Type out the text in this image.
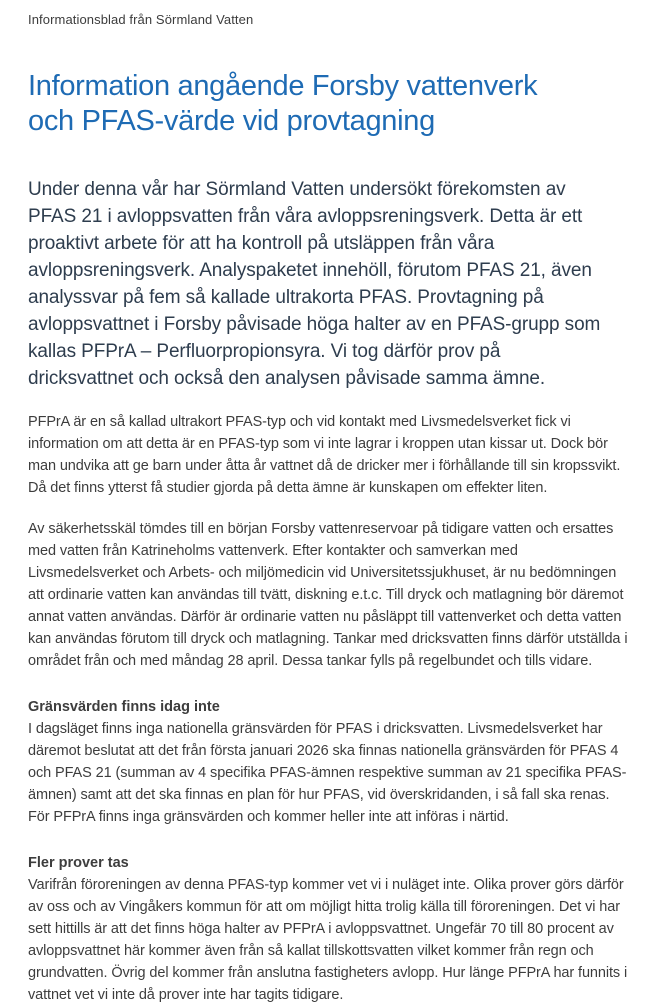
Informationsblad från Sörmland Vatten
Information angående Forsby vattenverk
och PFAS-värde vid provtagning

Under denna vår har Sörmland Vatten undersökt förekomsten av PFAS 21 i avloppsvatten från våra avloppsreningsverk. Detta är ett proaktivt arbete för att ha kontroll på utsläppen från våra avloppsreningsverk. Analyspaketet innehöll, förutom PFAS 21, även analyssvar på fem så kallade ultrakorta PFAS. Provtagning på avloppsvattnet i Forsby påvisade höga halter av en PFAS-grupp som kallas PFPrA – Perfluorpropionsyra. Vi tog därför prov på dricksvattnet och också den analysen påvisade samma ämne.

PFPrA är en så kallad ultrakort PFAS-typ och vid kontakt med Livsmedelsverket fick vi information om att detta är en PFAS-typ som vi inte lagrar i kroppen utan kissar ut. Dock bör man undvika att ge barn under åtta år vattnet då de dricker mer i förhållande till sin kropssvikt. Då det finns ytterst få studier gjorda på detta ämne är kunskapen om effekter liten.

Av säkerhetsskäl tömdes till en början Forsby vattenreservoar på tidigare vatten och ersattes med vatten från Katrineholms vattenverk. Efter kontakter och samverkan med Livsmedelsverket och Arbets- och miljömedicin vid Universitetssjukhuset, är nu bedömningen att ordinarie vatten kan användas till tvätt, diskning e.t.c. Till dryck och matlagning bör däremot annat vatten användas. Därför är ordinarie vatten nu påsläppt till vattenverket och detta vatten kan användas förutom till dryck och matlagning. Tankar med dricksvatten finns därför utställda i området från och med måndag 28 april. Dessa tankar fylls på regelbundet och tills vidare.

Gränsvärden finns idag inte

I dagsläget finns inga nationella gränsvärden för PFAS i dricksvatten. Livsmedelsverket har däremot beslutat att det från första januari 2026 ska finnas nationella gränsvärden för PFAS 4 och PFAS 21 (summan av 4 specifika PFAS-ämnen respektive summan av 21 specifika PFAS-ämnen) samt att det ska finnas en plan för hur PFAS, vid överskridanden, i så fall ska renas. För PFPrA finns inga gränsvärden och kommer heller inte att införas i närtid.

Fler prover tas

Varifrån föroreningen av denna PFAS-typ kommer vet vi i nuläget inte. Olika prover görs därför av oss och av Vingåkers kommun för att om möjligt hitta trolig källa till föroreningen. Det vi har sett hittills är att det finns höga halter av PFPrA i avloppsvattnet. Ungefär 70 till 80 procent av avloppsvattnet här kommer även från så kallat tillskottsvatten vilket kommer från regn och grundvatten. Övrig del kommer från anslutna fastigheters avlopp. Hur länge PFPrA har funnits i vattnet vet vi inte då prover inte har tagits tidigare.
